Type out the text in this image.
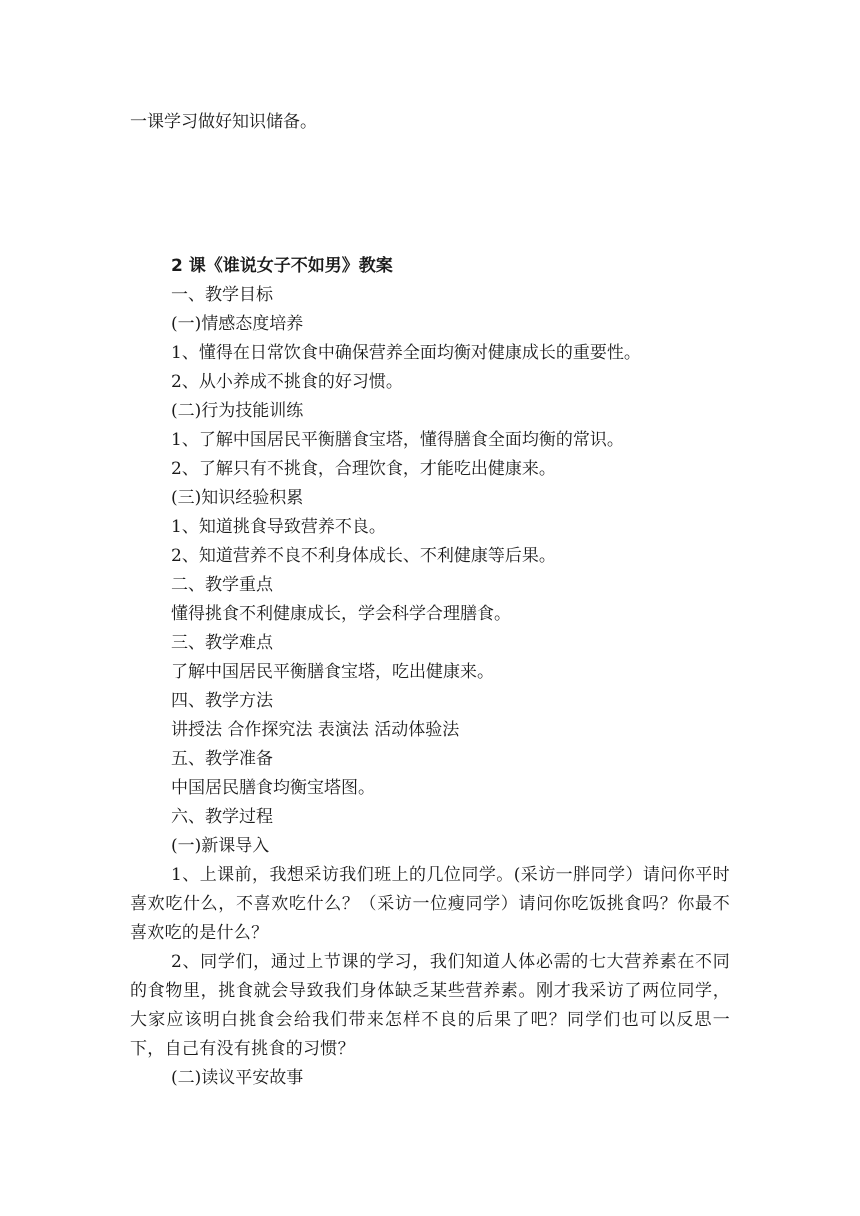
一课学习做好知识储备。
2 课《谁说女子不如男》教案
一、教学目标
(一)情感态度培养
1、懂得在日常饮食中确保营养全面均衡对健康成长的重要性。
2、从小养成不挑食的好习惯。
(二)行为技能训练
1、了解中国居民平衡膳食宝塔，懂得膳食全面均衡的常识。
2、了解只有不挑食，合理饮食，才能吃出健康来。
(三)知识经验积累
1、知道挑食导致营养不良。
2、知道营养不良不利身体成长、不利健康等后果。
二、教学重点
懂得挑食不利健康成长，学会科学合理膳食。
三、教学难点
了解中国居民平衡膳食宝塔，吃出健康来。
四、教学方法
讲授法 合作探究法 表演法 活动体验法
五、教学准备
中国居民膳食均衡宝塔图。
六、教学过程
(一)新课导入

1、上课前，我想采访我们班上的几位同学。(采访一胖同学）请问你平时喜欢吃什么，不喜欢吃什么？（采访一位瘦同学）请问你吃饭挑食吗？你最不喜欢吃的是什么？

2、同学们，通过上节课的学习，我们知道人体必需的七大营养素在不同的食物里，挑食就会导致我们身体缺乏某些营养素。刚才我采访了两位同学，大家应该明白挑食会给我们带来怎样不良的后果了吧？同学们也可以反思一下，自己有没有挑食的习惯？

(二)读议平安故事
